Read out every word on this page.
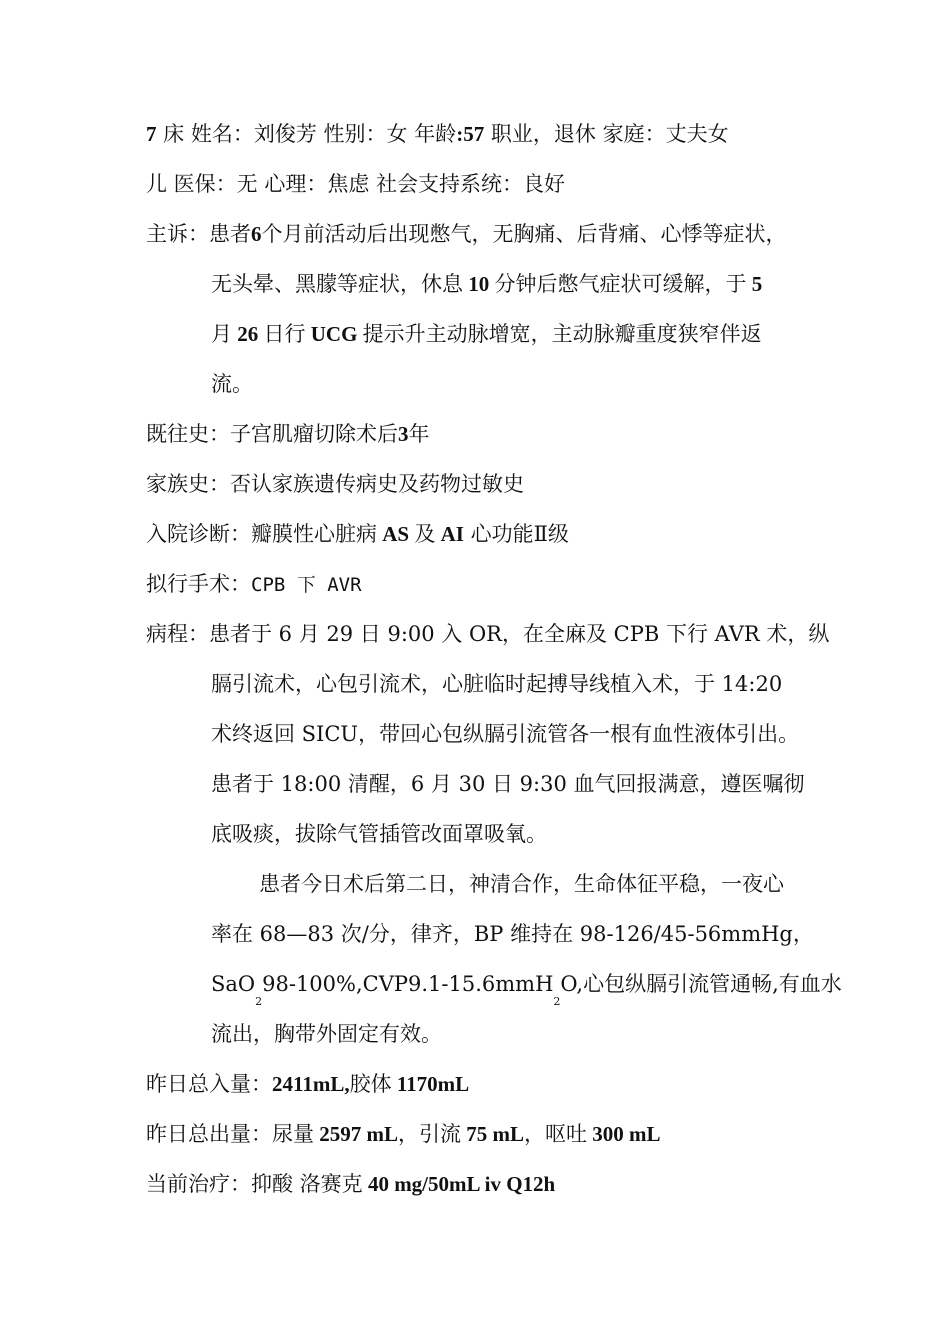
7 床 姓名：刘俊芳 性别：女 年龄:57 职业，退休 家庭：丈夫女
儿 医保：无 心理：焦虑 社会支持系统：良好
主诉：患者6个月前活动后出现憋气，无胸痛、后背痛、心悸等症状，
无头晕、黑朦等症状，休息 10 分钟后憋气症状可缓解，于 5
月 26 日行 UCG 提示升主动脉增宽，主动脉瓣重度狭窄伴返
流。
既往史：子宫肌瘤切除术后3年
家族史：否认家族遗传病史及药物过敏史
入院诊断：瓣膜性心脏病 AS 及 AI 心功能Ⅱ级
拟行手术：CPB 下 AVR
病程：患者于 6 月 29 日 9:00 入 OR，在全麻及 CPB 下行 AVR 术，纵
膈引流术，心包引流术，心脏临时起搏导线植入术，于 14:20
术终返回 SICU，带回心包纵膈引流管各一根有血性液体引出。
患者于 18:00 清醒，6 月 30 日 9:30 血气回报满意，遵医嘱彻
底吸痰，拔除气管插管改面罩吸氧。
患者今日术后第二日，神清合作，生命体征平稳，一夜心
率在 68—83 次/分，律齐，BP 维持在 98-126/45-56mmHg，
SaO$_2$98-100%,CVP9.1-15.6mmH$_2$O,心包纵膈引流管通畅,有血水
流出，胸带外固定有效。
昨日总入量：2411mL,胶体 1170mL
昨日总出量：尿量 2597 mL，引流 75 mL，呕吐 300 mL
当前治疗：抑酸 洛赛克 40 mg/50mL iv Q12h
